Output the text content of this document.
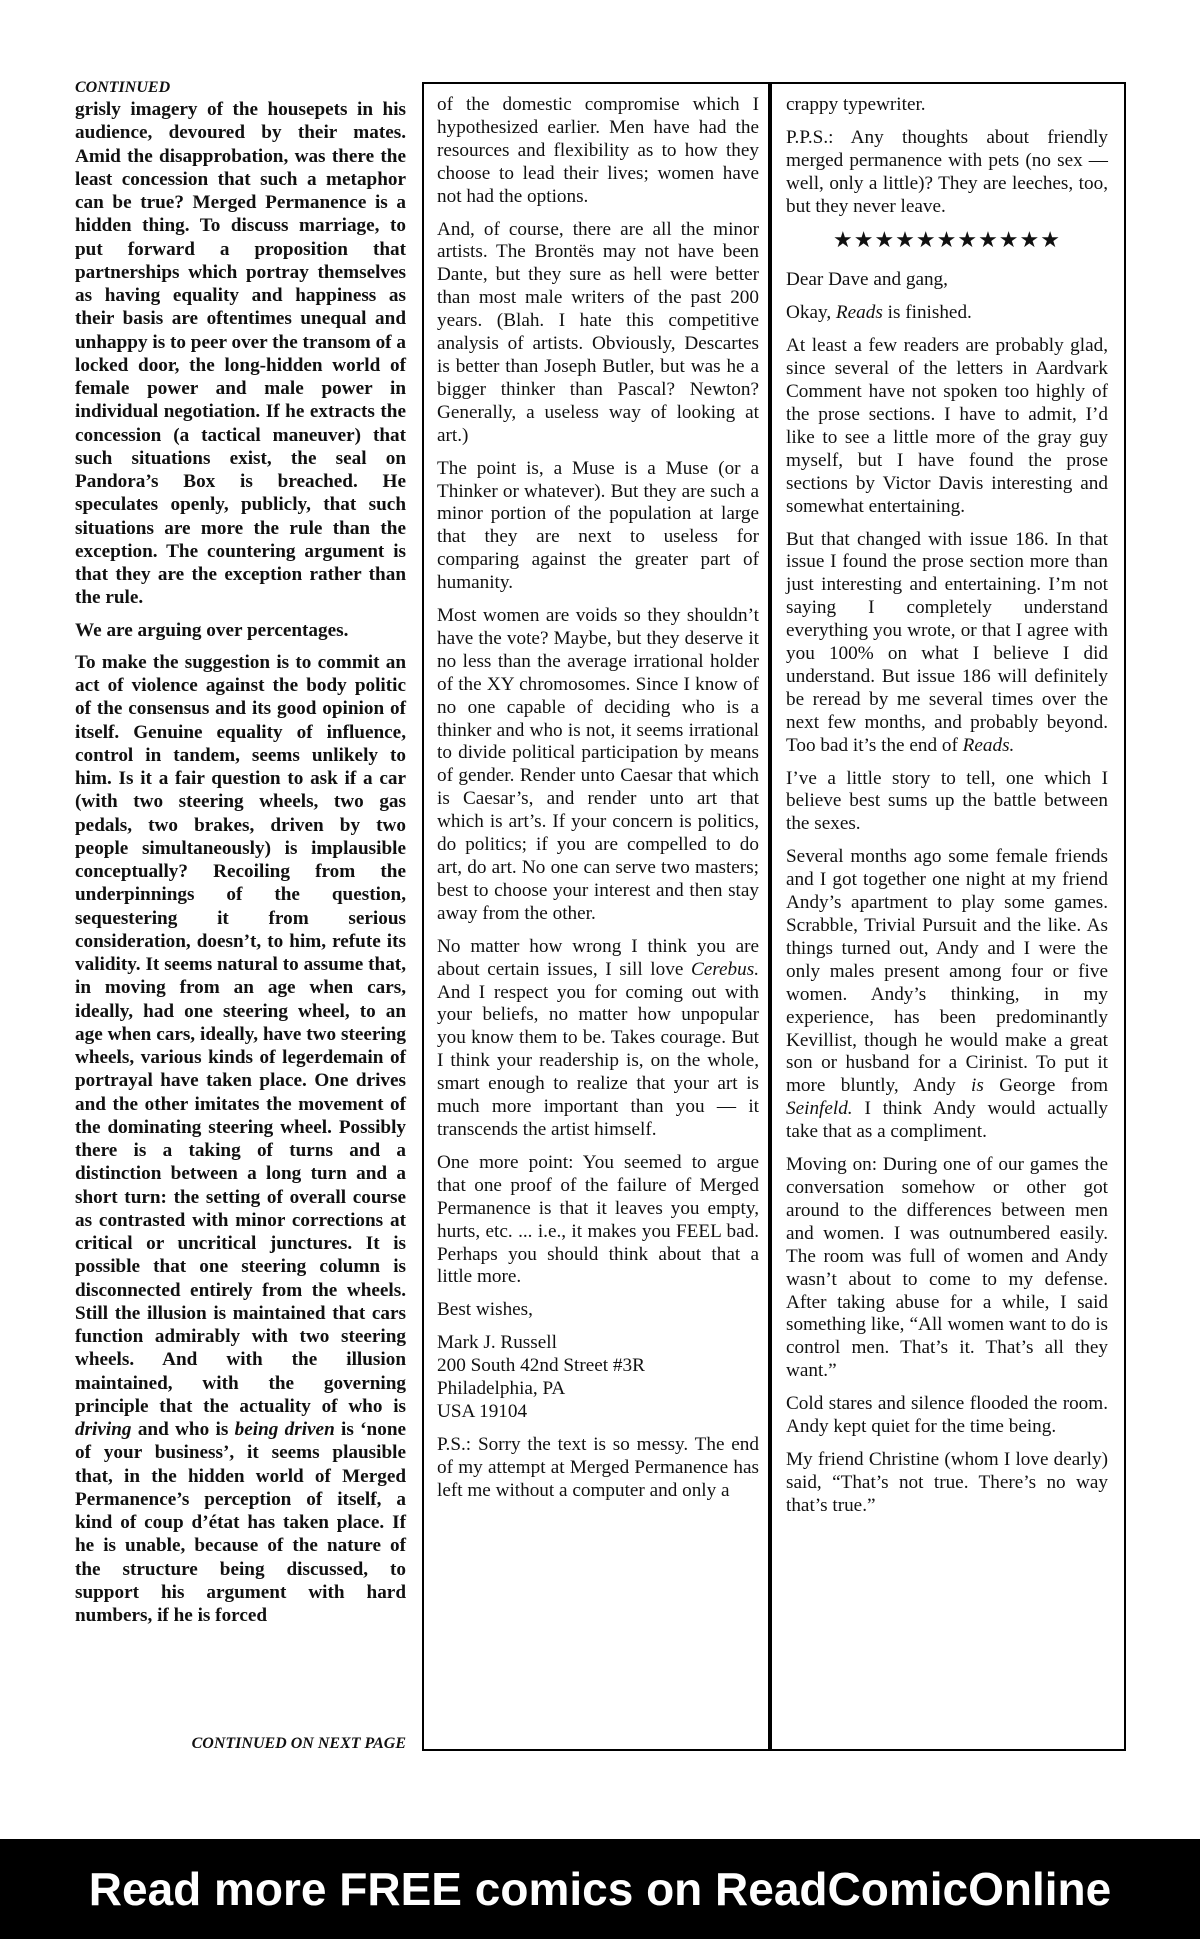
CONTINUED

grisly imagery of the housepets in his audience, devoured by their mates. Amid the disapprobation, was there the least concession that such a metaphor can be true? Merged Permanence is a hidden thing. To discuss marriage, to put forward a proposition that partnerships which portray themselves as having equality and happiness as their basis are oftentimes unequal and unhappy is to peer over the transom of a locked door, the long-hidden world of female power and male power in individual negotiation. If he extracts the concession (a tactical maneuver) that such situations exist, the seal on Pandora’s Box is breached. He speculates openly, publicly, that such situations are more the rule than the exception. The countering argument is that they are the exception rather than the rule.

We are arguing over percentages.

To make the suggestion is to commit an act of violence against the body politic of the consensus and its good opinion of itself. Genuine equality of influence, control in tandem, seems unlikely to him. Is it a fair question to ask if a car (with two steering wheels, two gas pedals, two brakes, driven by two people simultaneously) is implausible conceptually? Recoiling from the underpinnings of the question, sequestering it from serious consideration, doesn’t, to him, refute its validity. It seems natural to assume that, in moving from an age when cars, ideally, had one steering wheel, to an age when cars, ideally, have two steering wheels, various kinds of legerdemain of portrayal have taken place. One drives and the other imitates the movement of the dominating steering wheel. Possibly there is a taking of turns and a distinction between a long turn and a short turn: the setting of overall course as contrasted with minor corrections at critical or uncritical junctures. It is possible that one steering column is disconnected entirely from the wheels. Still the illusion is maintained that cars function admirably with two steering wheels. And with the illusion maintained, with the governing principle that the actuality of who is driving and who is being driven is ‘none of your business’, it seems plausible that, in the hidden world of Merged Permanence’s perception of itself, a kind of coup d’état has taken place. If he is unable, because of the nature of the structure being discussed, to support his argument with hard numbers, if he is forced

CONTINUED ON NEXT PAGE

of the domestic compromise which I hypothesized earlier. Men have had the resources and flexibility as to how they choose to lead their lives; women have not had the options.

And, of course, there are all the minor artists. The Brontës may not have been Dante, but they sure as hell were better than most male writers of the past 200 years. (Blah. I hate this competitive analysis of artists. Obviously, Descartes is better than Joseph Butler, but was he a bigger thinker than Pascal? Newton? Generally, a useless way of looking at art.)

The point is, a Muse is a Muse (or a Thinker or whatever). But they are such a minor portion of the population at large that they are next to useless for comparing against the greater part of humanity.

Most women are voids so they shouldn’t have the vote? Maybe, but they deserve it no less than the average irrational holder of the XY chromosomes. Since I know of no one capable of deciding who is a thinker and who is not, it seems irrational to divide political participation by means of gender. Render unto Caesar that which is Caesar’s, and render unto art that which is art’s. If your concern is politics, do politics; if you are compelled to do art, do art. No one can serve two masters; best to choose your interest and then stay away from the other.

No matter how wrong I think you are about certain issues, I sill love Cerebus. And I respect you for coming out with your beliefs, no matter how unpopular you know them to be. Takes courage. But I think your readership is, on the whole, smart enough to realize that your art is much more important than you — it transcends the artist himself.

One more point: You seemed to argue that one proof of the failure of Merged Permanence is that it leaves you empty, hurts, etc. ... i.e., it makes you FEEL bad. Perhaps you should think about that a little more.

Best wishes,

Mark J. Russell

200 South 42nd Street #3R

Philadelphia, PA

USA 19104

P.S.: Sorry the text is so messy. The end of my attempt at Merged Permanence has left me without a computer and only a

crappy typewriter.

P.P.S.: Any thoughts about friendly merged permanence with pets (no sex — well, only a little)? They are leeches, too, but they never leave.

★★★★★★★★★★★

Dear Dave and gang,

Okay, Reads is finished.

At least a few readers are probably glad, since several of the letters in Aardvark Comment have not spoken too highly of the prose sections. I have to admit, I’d like to see a little more of the gray guy myself, but I have found the prose sections by Victor Davis interesting and somewhat entertaining.

But that changed with issue 186. In that issue I found the prose section more than just interesting and entertaining. I’m not saying I completely understand everything you wrote, or that I agree with you 100% on what I believe I did understand. But issue 186 will definitely be reread by me several times over the next few months, and probably beyond. Too bad it’s the end of Reads.

I’ve a little story to tell, one which I believe best sums up the battle between the sexes.

Several months ago some female friends and I got together one night at my friend Andy’s apartment to play some games. Scrabble, Trivial Pursuit and the like. As things turned out, Andy and I were the only males present among four or five women. Andy’s thinking, in my experience, has been predominantly Kevillist, though he would make a great son or husband for a Cirinist. To put it more bluntly, Andy is George from Seinfeld. I think Andy would actually take that as a compliment.

Moving on: During one of our games the conversation somehow or other got around to the differences between men and women. I was outnumbered easily. The room was full of women and Andy wasn’t about to come to my defense. After taking abuse for a while, I said something like, “All women want to do is control men. That’s it. That’s all they want.”

Cold stares and silence flooded the room. Andy kept quiet for the time being.

My friend Christine (whom I love dearly) said, “That’s not true. There’s no way that’s true.”

Read more FREE comics on ReadComicOnline
